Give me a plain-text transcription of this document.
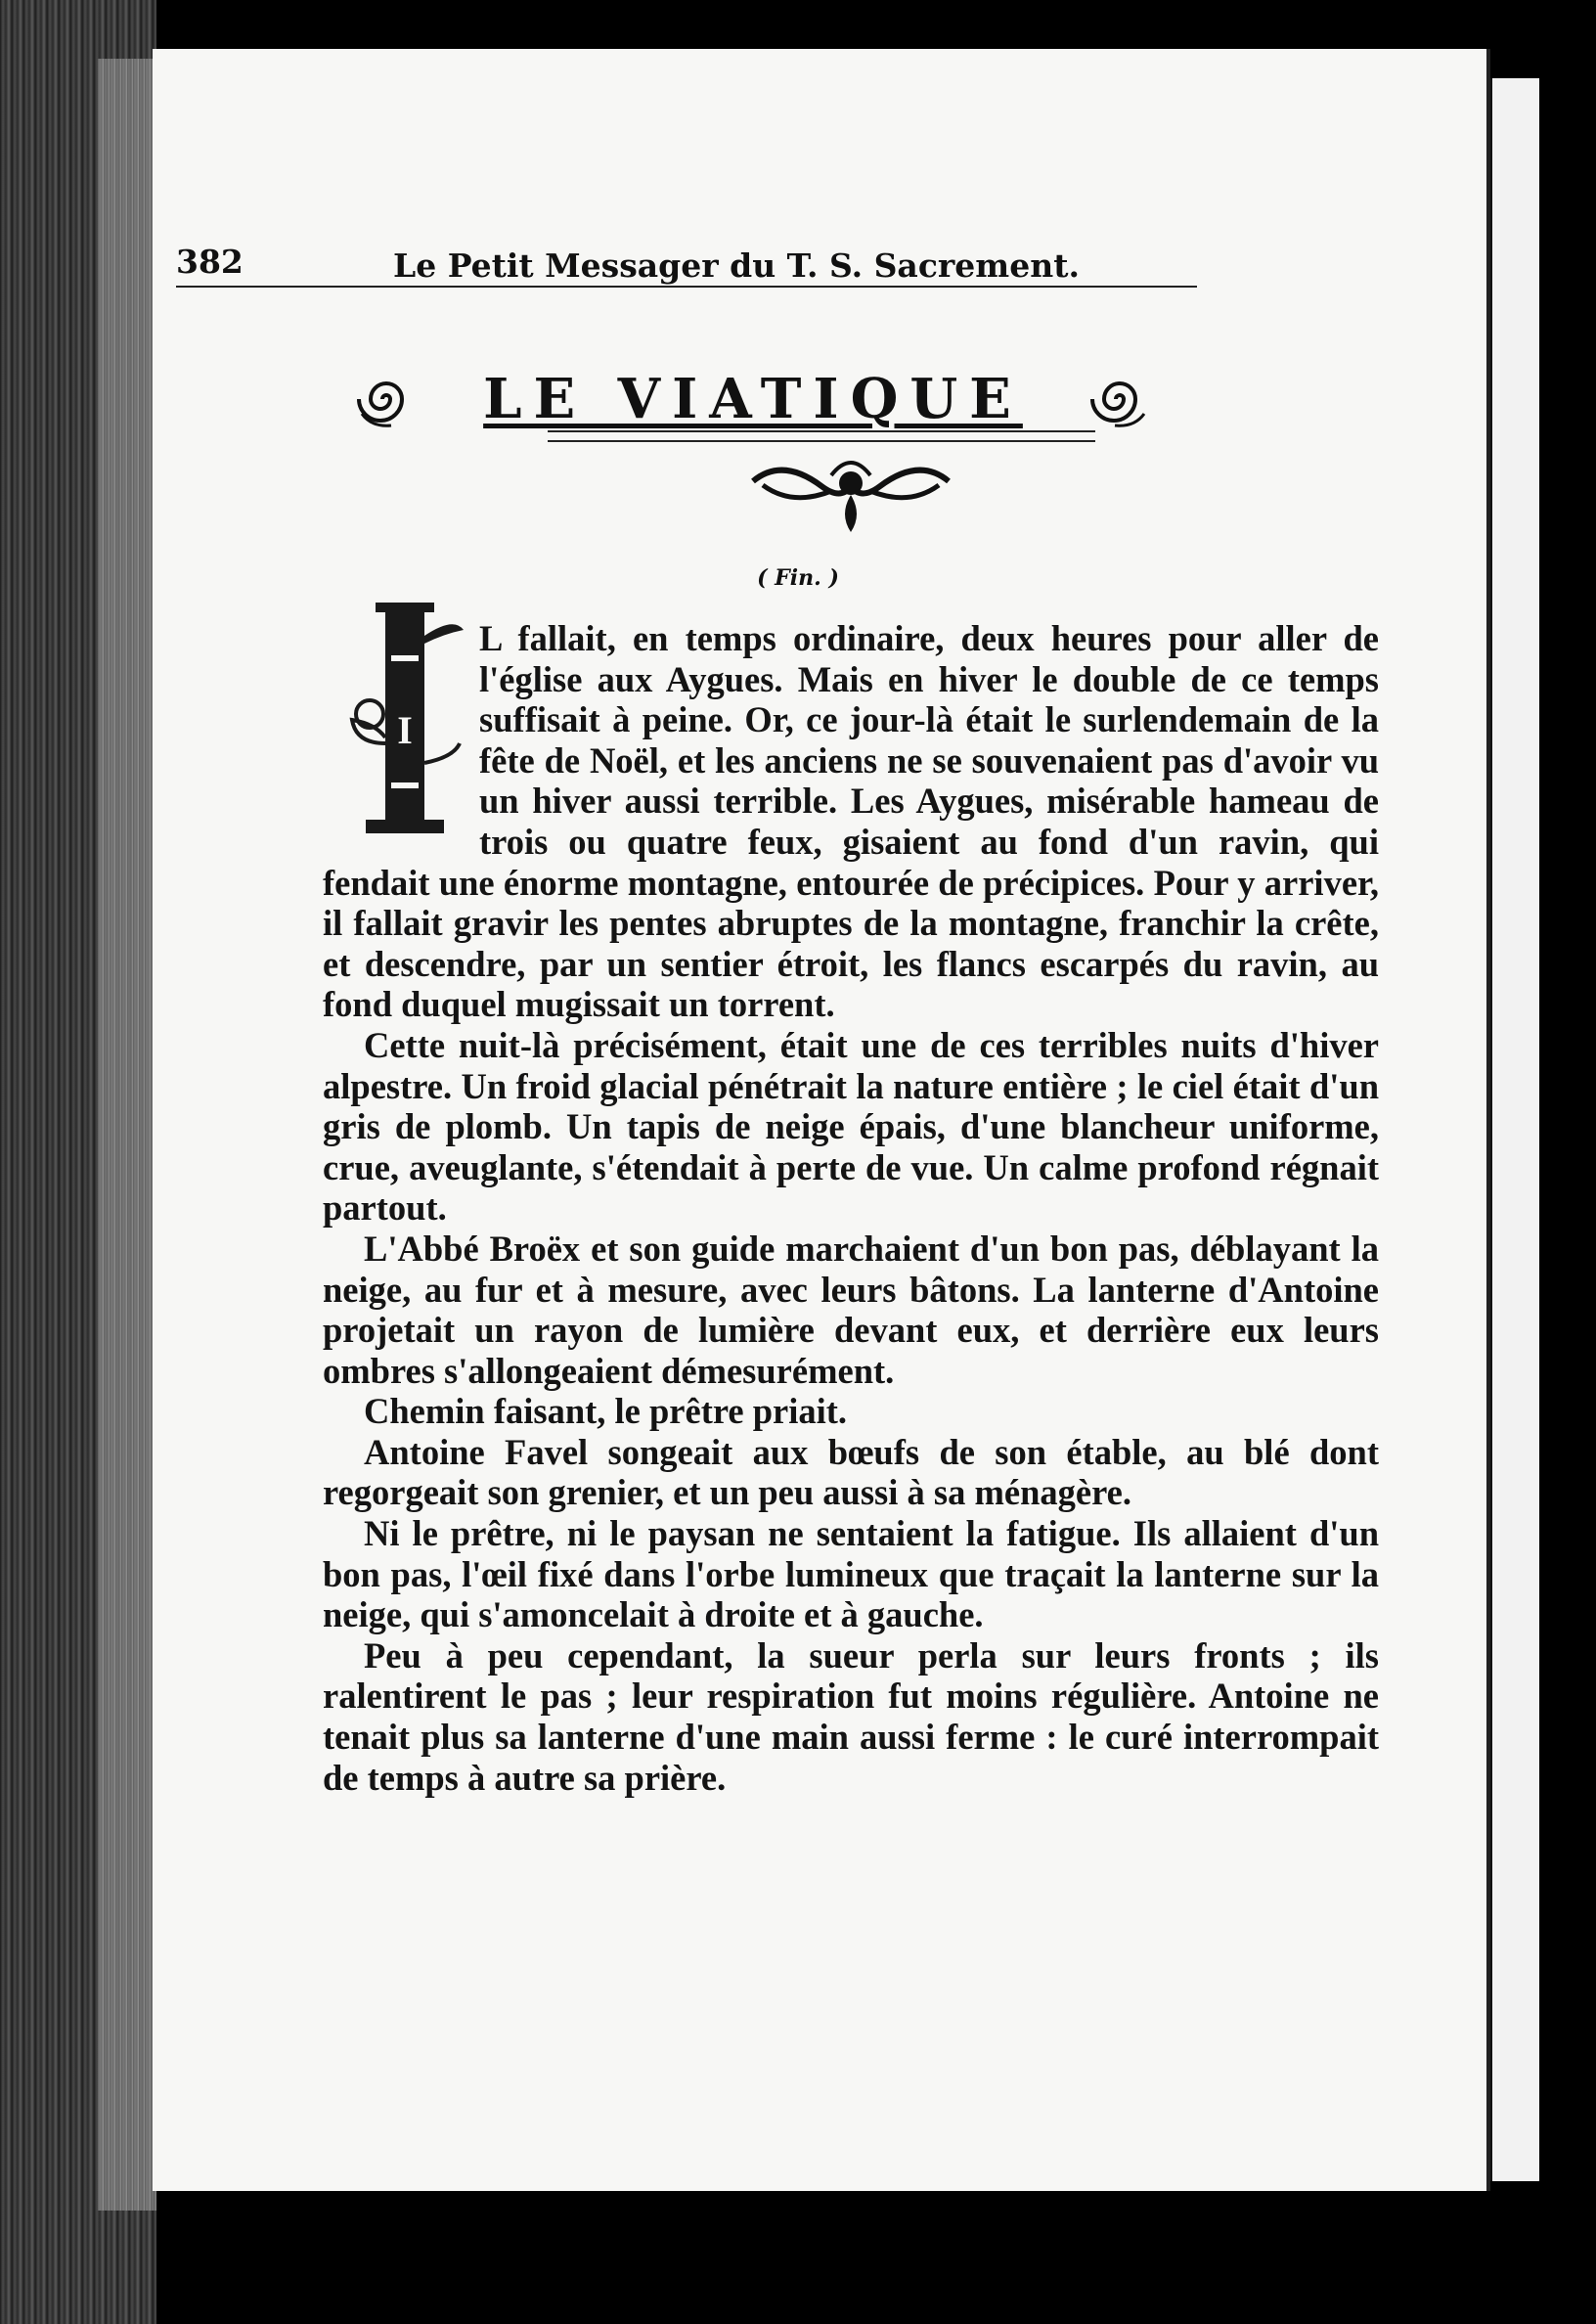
382	Le Petit Messager du T. S. Sacrement.
LE VIATIQUE
( Fin. )
I

L fallait, en temps ordinaire, deux heures pour aller de l'église aux Aygues. Mais en hiver le double de ce temps suffisait à peine. Or, ce jour-là était le surlendemain de la fête de Noël, et les anciens ne se souvenaient pas d'avoir vu un hiver aussi terrible. Les Aygues, misérable hameau de trois ou quatre feux, gisaient au fond d'un ravin, qui fendait une énorme montagne, entourée de précipices. Pour y arriver, il fallait gravir les pentes abruptes de la montagne, franchir la crête, et descendre, par un sentier étroit, les flancs escarpés du ravin, au fond duquel mugissait un torrent.

Cette nuit-là précisément, était une de ces terribles nuits d'hiver alpestre. Un froid glacial pénétrait la nature entière ; le ciel était d'un gris de plomb. Un tapis de neige épais, d'une blancheur uniforme, crue, aveuglante, s'étendait à perte de vue. Un calme profond régnait partout.

L'Abbé Broëx et son guide marchaient d'un bon pas, déblayant la neige, au fur et à mesure, avec leurs bâtons. La lanterne d'Antoine projetait un rayon de lumière devant eux, et derrière eux leurs ombres s'allongeaient démesurément.

Chemin faisant, le prêtre priait.

Antoine Favel songeait aux bœufs de son étable, au blé dont regorgeait son grenier, et un peu aussi à sa ménagère.

Ni le prêtre, ni le paysan ne sentaient la fatigue. Ils allaient d'un bon pas, l'œil fixé dans l'orbe lumineux que traçait la lanterne sur la neige, qui s'amoncelait à droite et à gauche.

Peu à peu cependant, la sueur perla sur leurs fronts ; ils ralentirent le pas ; leur respiration fut moins régulière. Antoine ne tenait plus sa lanterne d'une main aussi ferme : le curé interrompait de temps à autre sa prière.
